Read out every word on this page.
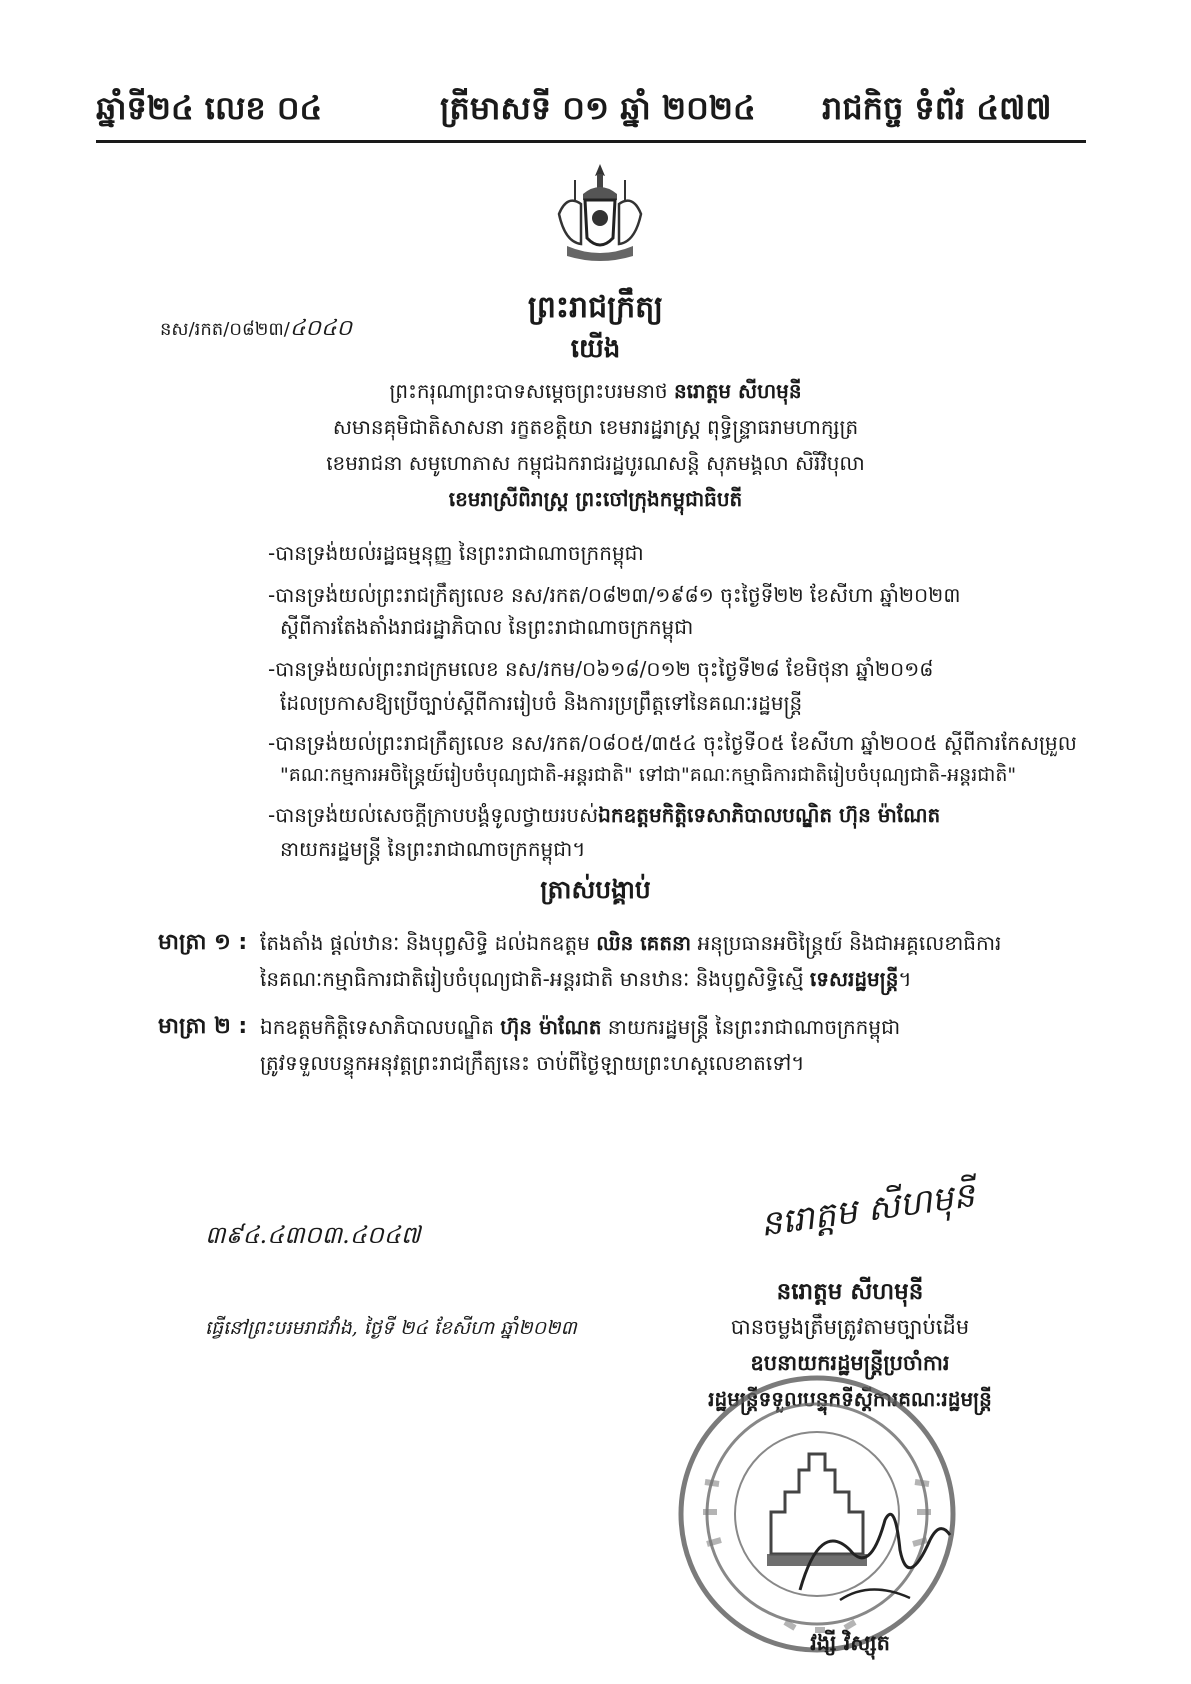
ឆ្នាំទី២៤ លេខ ០៤	ត្រីមាសទី ០១ ឆ្នាំ ២០២៤ រាជកិច្ច ទំព័រ ៤៧៧
ព្រះរាជក្រឹត្យ
នស/រកត/០៨២៣/៤០៤០
យើង
ព្រះករុណាព្រះបាទសម្តេចព្រះបរមនាថ នរោត្តម សីហមុនី
សមានគុមិជាតិសាសនា រក្ខតខត្តិយា ខេមរារដ្ឋរាស្ត្រ ពុទ្ធិន្ទ្រាធរាមហាក្សត្រ
ខេមរាជនា សមូហោភាស កម្ពុជឯករាជរដ្ឋបូរណសន្តិ សុភមង្គលា សិរីវិបុលា
ខេមរាស្រីពិរាស្ត្រ ព្រះចៅក្រុងកម្ពុជាធិបតី
-បានទ្រង់យល់រដ្ឋធម្មនុញ្ញ នៃព្រះរាជាណាចក្រកម្ពុជា
-បានទ្រង់យល់ព្រះរាជក្រឹត្យលេខ នស/រកត/០៨២៣/១៩៨១ ចុះថ្ងៃទី២២ ខែសីហា ឆ្នាំ២០២៣
ស្តីពីការតែងតាំងរាជរដ្ឋាភិបាល នៃព្រះរាជាណាចក្រកម្ពុជា
-បានទ្រង់យល់ព្រះរាជក្រមលេខ នស/រកម/០៦១៨/០១២ ចុះថ្ងៃទី២៨ ខែមិថុនា ឆ្នាំ២០១៨
ដែលប្រកាសឱ្យប្រើច្បាប់ស្តីពីការរៀបចំ និងការប្រព្រឹត្តទៅនៃគណៈរដ្ឋមន្ត្រី
-បានទ្រង់យល់ព្រះរាជក្រឹត្យលេខ នស/រកត/០៨០៥/៣៥៤ ចុះថ្ងៃទី០៥ ខែសីហា ឆ្នាំ២០០៥ ស្តីពីការកែសម្រួល
"គណៈកម្មការអចិន្ត្រៃយ៍រៀបចំបុណ្យជាតិ-អន្តរជាតិ" ទៅជា"គណៈកម្មាធិការជាតិរៀបចំបុណ្យជាតិ-អន្តរជាតិ"
-បានទ្រង់យល់សេចក្តីក្រាបបង្គំទូលថ្វាយរបស់ឯកឧត្តមកិត្តិទេសាភិបាលបណ្ឌិត ហ៊ុន ម៉ាណែត
នាយករដ្ឋមន្ត្រី នៃព្រះរាជាណាចក្រកម្ពុជា។
ត្រាស់បង្គាប់
មាត្រា ១ : តែងតាំង ផ្តល់ឋានៈ និងបុព្វសិទ្ធិ ដល់ឯកឧត្តម ឈិន គេតនា អនុប្រធានអចិន្ត្រៃយ៍ និងជាអគ្គលេខាធិការ
នៃគណៈកម្មាធិការជាតិរៀបចំបុណ្យជាតិ-អន្តរជាតិ មានឋានៈ និងបុព្វសិទ្ធិស្មើ ទេសរដ្ឋមន្ត្រី។
មាត្រា ២ : ឯកឧត្តមកិត្តិទេសាភិបាលបណ្ឌិត ហ៊ុន ម៉ាណែត នាយករដ្ឋមន្ត្រី នៃព្រះរាជាណាចក្រកម្ពុជា
ត្រូវទទួលបន្ទុកអនុវត្តព្រះរាជក្រឹត្យនេះ ចាប់ពីថ្ងៃឡាយព្រះហស្តលេខាតទៅ។
៣៩៤.៤៣០៣.៤០៤៧	នរោត្តម សីហមុនី
ធ្វើនៅព្រះបរមរាជវាំង, ថ្ងៃទី ២៤ ខែសីហា ឆ្នាំ២០២៣
នរោត្តម សីហមុនី
បានចម្លងត្រឹមត្រូវតាមច្បាប់ដើម
ឧបនាយករដ្ឋមន្ត្រីប្រចាំការ
រដ្ឋមន្ត្រីទទួលបន្ទុកទីស្តីការគណៈរដ្ឋមន្ត្រី
វង្សី វិស្សុត
